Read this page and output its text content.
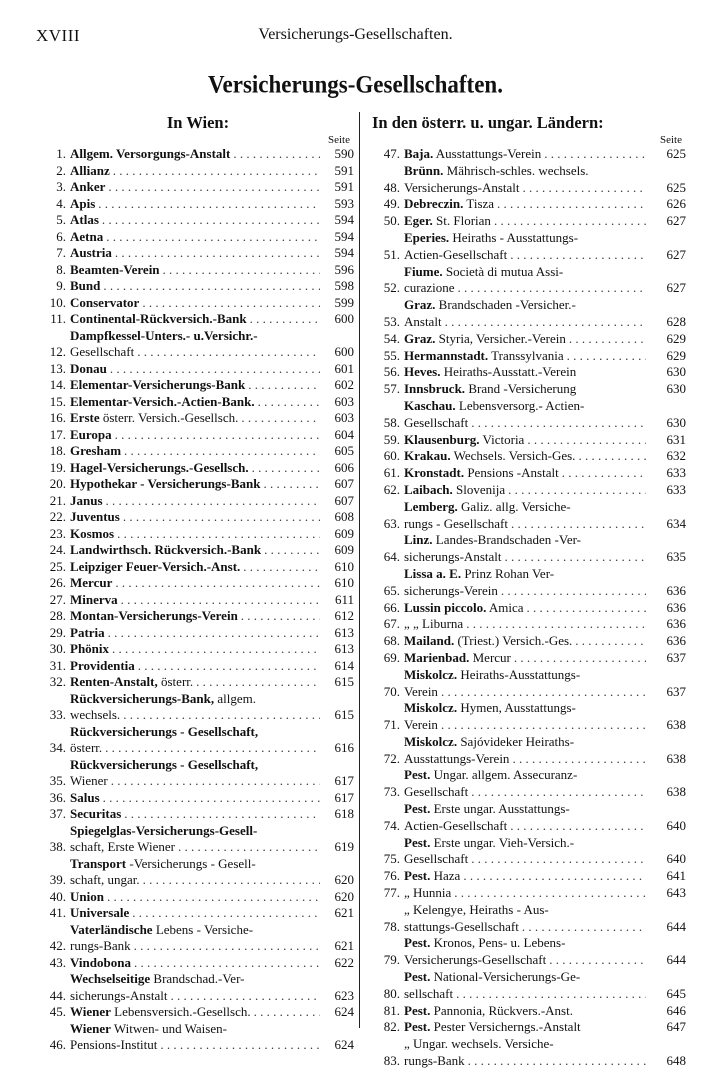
XVIII	Versicherungs-Gesellschaften.
Versicherungs-Gesellschaften.
In Wien:
Seite
1. Allgem. Versorgungs-Anstalt . . .	590
2. Allianz . . .	591
3. Anker . . .	591
4. Apis . . .	593
5. Atlas . . .	594
6. Aetna . . .	594
7. Austria . . .	594
8. Beamten-Verein . . .	596
9. Bund . . .	598
10. Conservator . . .	599
11. Continental-Rückversich.-Bank . . .	600
12.
Dampfkessel-Unters.- u.Versichr.-
Gesellschaft . . .	600
13. Donau . . .	601
14. Elementar-Versicherungs-Bank . . .	602
15. Elementar-Versich.-Actien-Bank. . . .	603
16. Erste österr. Versich.-Gesellsch. . . .	603
17. Europa . . .	604
18. Gresham . . .	605
19. Hagel-Versicherungs.-Gesellsch. . . .	606
20. Hypothekar - Versicherungs-Bank . . .	607
21. Janus . . .	607
22. Juventus . . .	608
23. Kosmos . . .	609
24. Landwirthsch. Rückversich.-Bank . . .	609
25. Leipziger Feuer-Versich.-Anst. . . .	610
26. Mercur . . .	610
27. Minerva . . .	611
28. Montan-Versicherungs-Verein . . .	612
29. Patria . . .	613
30. Phönix . . .	613
31. Providentia . . .	614
32. Renten-Anstalt, österr. . . .	615
33.
Rückversicherungs-Bank, allgem.
wechsels. . . .	615
34.
Rückversicherungs - Gesellschaft,
österr. . . .	616
35.
Rückversicherungs - Gesellschaft,
Wiener . . .	617
36. Salus . . .	617
37. Securitas . . .	618
38.
Spiegelglas-Versicherungs-Gesell-
schaft, Erste Wiener . . .	619
39.
Transport -Versicherungs - Gesell-
schaft, ungar. . . .	620
40. Union . . .	620
41. Universale . . .	621
42.
Vaterländische Lebens - Versiche-
rungs-Bank . . .	621
43. Vindobona . . .	622
44.
Wechselseitige Brandschad.-Ver-
sicherungs-Anstalt . . .	623
45. Wiener Lebensversich.-Gesellsch. . . .	624
46.
Wiener Witwen- und Waisen-
Pensions-Institut . . .	624
In den österr. u. ungar. Ländern:
Seite
47. Baja. Ausstattungs-Verein . . .	625
48.
Brünn. Mährisch-schles. wechsels.
Versicherungs-Anstalt . . .	625
49. Debreczin. Tisza . . .	626
50. Eger. St. Florian . . .	627
51.
Eperies. Heiraths - Ausstattungs-
Actien-Gesellschaft . . .	627
52.
Fiume. Società di mutua Assi-
curazione . . .	627
53.
Graz. Brandschaden -Versicher.-
Anstalt . . .	628
54. Graz. Styria, Versicher.-Verein . . .	629
55. Hermannstadt. Transsylvania . . .	629
56. Heves. Heiraths-Ausstatt.-Verein	630
57. Innsbruck. Brand -Versicherung	630
58.
Kaschau. Lebensversorg.- Actien-
Gesellschaft . . .	630
59. Klausenburg. Victoria . . .	631
60. Krakau. Wechsels. Versich-Ges. . . .	632
61. Kronstadt. Pensions -Anstalt . . .	633
62. Laibach. Slovenija . . .	633
63.
Lemberg. Galiz. allg. Versiche-
rungs - Gesellschaft . . .	634
64.
Linz. Landes-Brandschaden -Ver-
sicherungs-Anstalt . . .	635
65.
Lissa a. E. Prinz Rohan Ver-
sicherungs-Verein . . .	636
66. Lussin piccolo. Amica . . .	636
67. „ „ Liburna . . .	636
68. Mailand. (Triest.) Versich.-Ges. . . .	636
69. Marienbad. Mercur . . .	637
70.
Miskolcz. Heiraths-Ausstattungs-
Verein . . .	637
71.
Miskolcz. Hymen, Ausstattungs-
Verein . . .	638
72.
Miskolcz. Sajóvideker Heiraths-
Ausstattungs-Verein . . .	638
73.
Pest. Ungar. allgem. Assecuranz-
Gesellschaft . . .	638
74.
Pest. Erste ungar. Ausstattungs-
Actien-Gesellschaft . . .	640
75.
Pest. Erste ungar. Vieh-Versich.-
Gesellschaft . . .	640
76. Pest. Haza . . .	641
77. „ Hunnia . . .	643
78.
„ Kelengye, Heiraths - Aus-
stattungs-Gesellschaft . . .	644
79.
Pest. Kronos, Pens- u. Lebens-
Versicherungs-Gesellschaft . . .	644
80.
Pest. National-Versicherungs-Ge-
sellschaft . . .	645
81. Pest. Pannonia, Rückvers.-Anst.	646
82. Pest. Pester Versicherngs.-Anstalt	647
83.
„ Ungar. wechsels. Versiche-
rungs-Bank . . .	648
